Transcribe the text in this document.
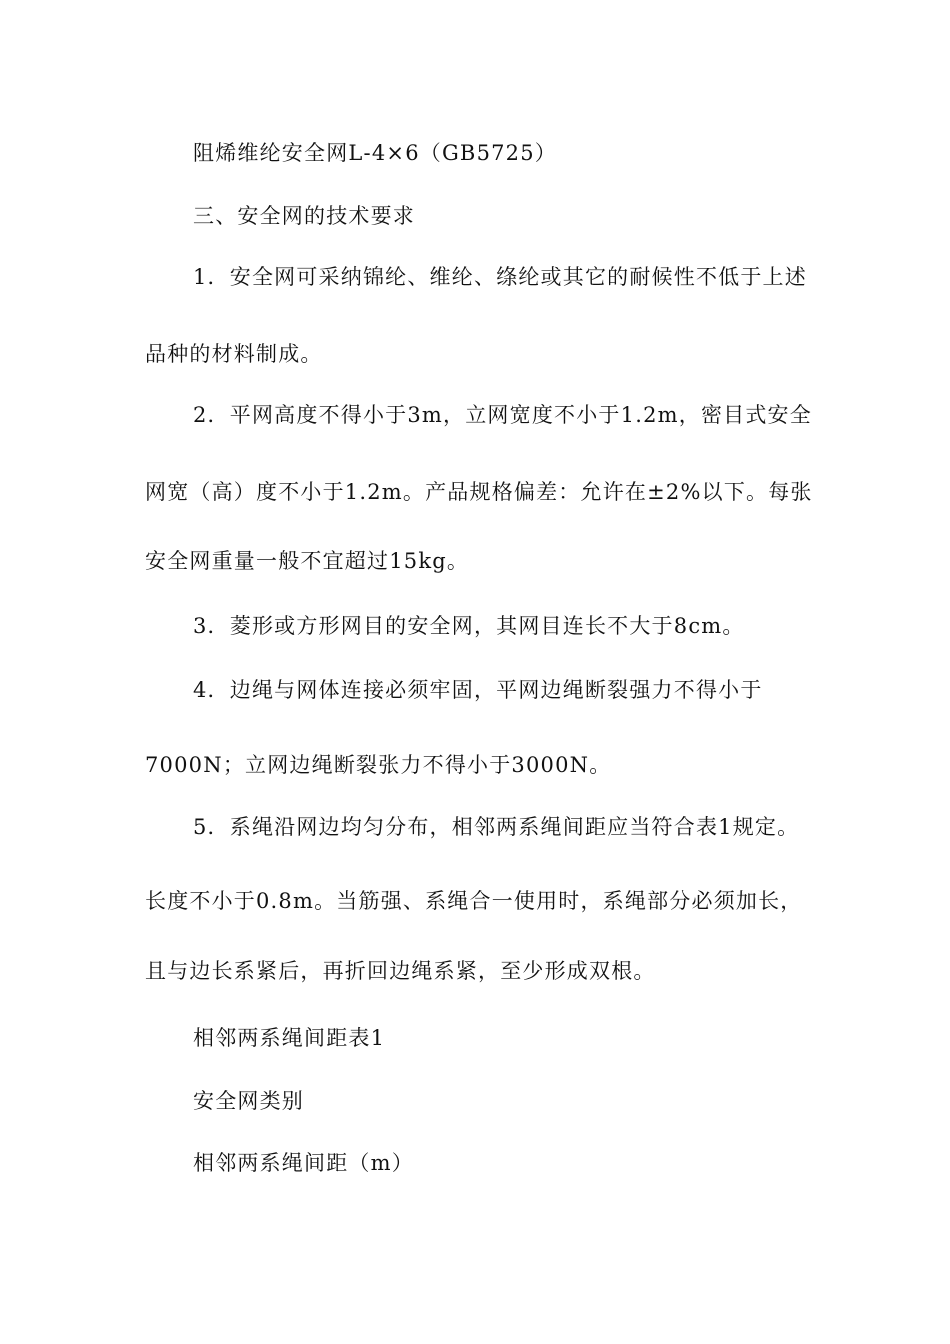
阻烯维纶安全网L-4×6（GB5725）
三、安全网的技术要求
1．安全网可采纳锦纶、维纶、绦纶或其它的耐候性不低于上述
品种的材料制成。
2．平网高度不得小于3m，立网宽度不小于1.2m，密目式安全
网宽（高）度不小于1.2m。产品规格偏差：允许在±2%以下。每张
安全网重量一般不宜超过15kg。
3．菱形或方形网目的安全网，其网目连长不大于8cm。
4．边绳与网体连接必须牢固，平网边绳断裂强力不得小于
7000N；立网边绳断裂张力不得小于3000N。
5．系绳沿网边均匀分布，相邻两系绳间距应当符合表1规定。
长度不小于0.8m。当筋强、系绳合一使用时，系绳部分必须加长，
且与边长系紧后，再折回边绳系紧，至少形成双根。
相邻两系绳间距表1
安全网类别
相邻两系绳间距（m）
